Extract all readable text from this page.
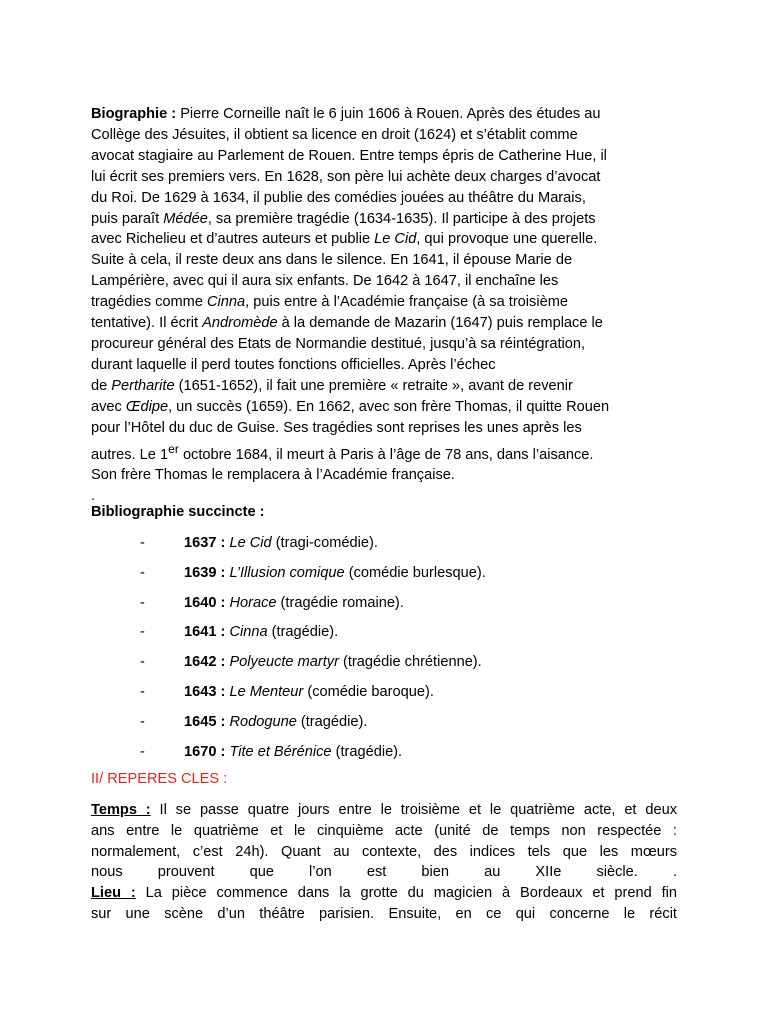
Biographie : Pierre Corneille naît le 6 juin 1606 à Rouen. Après des études au
Collège des Jésuites, il obtient sa licence en droit (1624) et s’établit comme
avocat stagiaire au Parlement de Rouen. Entre temps épris de Catherine Hue, il
lui écrit ses premiers vers. En 1628, son père lui achète deux charges d’avocat
du Roi. De 1629 à 1634, il publie des comédies jouées au théâtre du Marais,
puis paraît Médée, sa première tragédie (1634-1635). Il participe à des projets
avec Richelieu et d’autres auteurs et publie Le Cid, qui provoque une querelle.
Suite à cela, il reste deux ans dans le silence. En 1641, il épouse Marie de
Lampérière, avec qui il aura six enfants. De 1642 à 1647, il enchaîne les
tragédies comme Cinna, puis entre à l’Académie française (à sa troisième
tentative). Il écrit Andromède à la demande de Mazarin (1647) puis remplace le
procureur général des Etats de Normandie destitué, jusqu’à sa réintégration,
durant laquelle il perd toutes fonctions officielles. Après l’échec
de Pertharite (1651-1652), il fait une première « retraite », avant de revenir
avec Œdipe, un succès (1659). En 1662, avec son frère Thomas, il quitte Rouen
pour l’Hôtel du duc de Guise. Ses tragédies sont reprises les unes après les
autres. Le 1er octobre 1684, il meurt à Paris à l’âge de 78 ans, dans l’aisance.
Son frère Thomas le remplacera à l’Académie française.

.
Bibliographie succincte :
-	1637 : Le Cid (tragi-comédie).
-	1639 : L’Illusion comique (comédie burlesque).
-	1640 : Horace (tragédie romaine).
-	1641 : Cinna (tragédie).
-	1642 : Polyeucte martyr (tragédie chrétienne).
-	1643 : Le Menteur (comédie baroque).
-	1645 : Rodogune (tragédie).
-	1670 : Tite et Bérénice (tragédie).
II/ REPERES CLES :
Temps : Il se passe quatre jours entre le troisième et le quatrième acte, et deux
ans entre le quatrième et le cinquième acte (unité de temps non respectée :
normalement, c’est 24h). Quant au contexte, des indices tels que les mœurs
nous prouvent que l’on est bien au XIIe siècle. .
Lieu : La pièce commence dans la grotte du magicien à Bordeaux et prend fin
sur une scène d’un théâtre parisien. Ensuite, en ce qui concerne le récit
